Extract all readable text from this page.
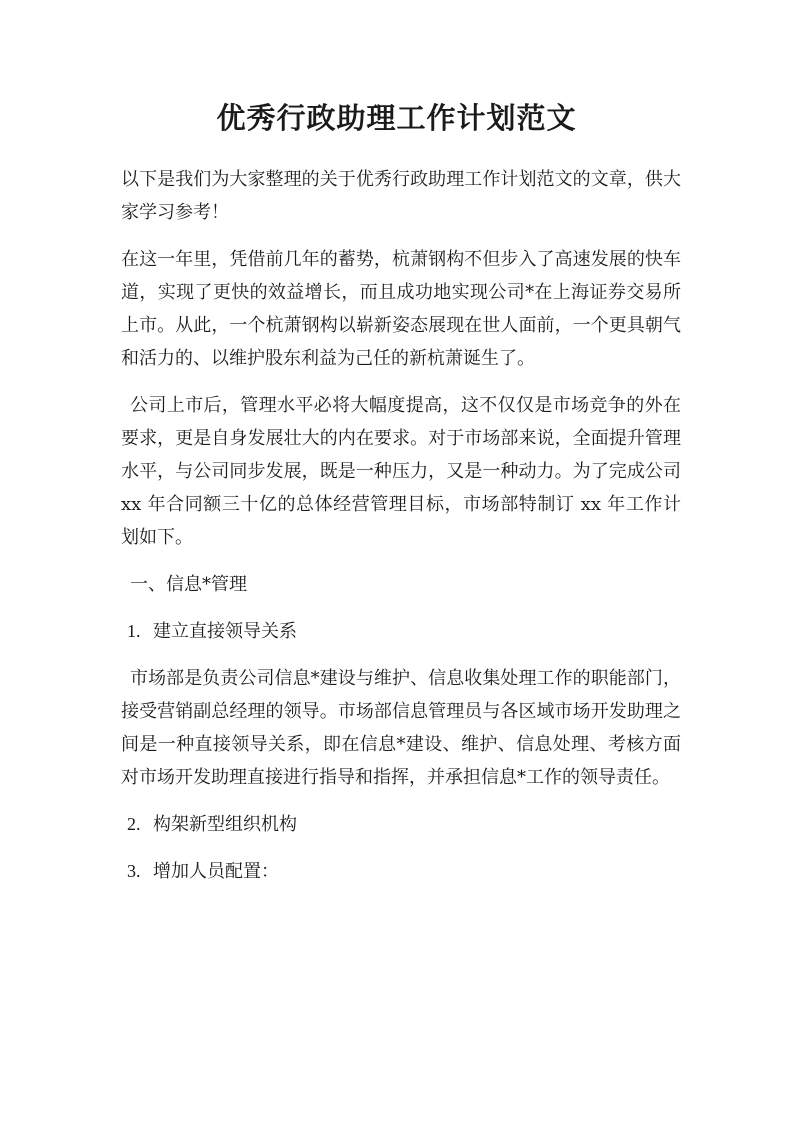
优秀行政助理工作计划范文

以下是我们为大家整理的关于优秀行政助理工作计划范文的文章，供大家学习参考！

在这一年里，凭借前几年的蓄势，杭萧钢构不但步入了高速发展的快车道，实现了更快的效益增长，而且成功地实现公司*在上海证券交易所上市。从此，一个杭萧钢构以崭新姿态展现在世人面前，一个更具朝气和活力的、以维护股东利益为己任的新杭萧诞生了。

公司上市后，管理水平必将大幅度提高，这不仅仅是市场竞争的外在要求，更是自身发展壮大的内在要求。对于市场部来说，全面提升管理水平，与公司同步发展，既是一种压力，又是一种动力。为了完成公司 xx 年合同额三十亿的总体经营管理目标，市场部特制订 xx 年工作计划如下。

一、信息*管理

1. 建立直接领导关系

市场部是负责公司信息*建设与维护、信息收集处理工作的职能部门，接受营销副总经理的领导。市场部信息管理员与各区域市场开发助理之间是一种直接领导关系，即在信息*建设、维护、信息处理、考核方面对市场开发助理直接进行指导和指挥，并承担信息*工作的领导责任。

2. 构架新型组织机构
3. 增加人员配置：
